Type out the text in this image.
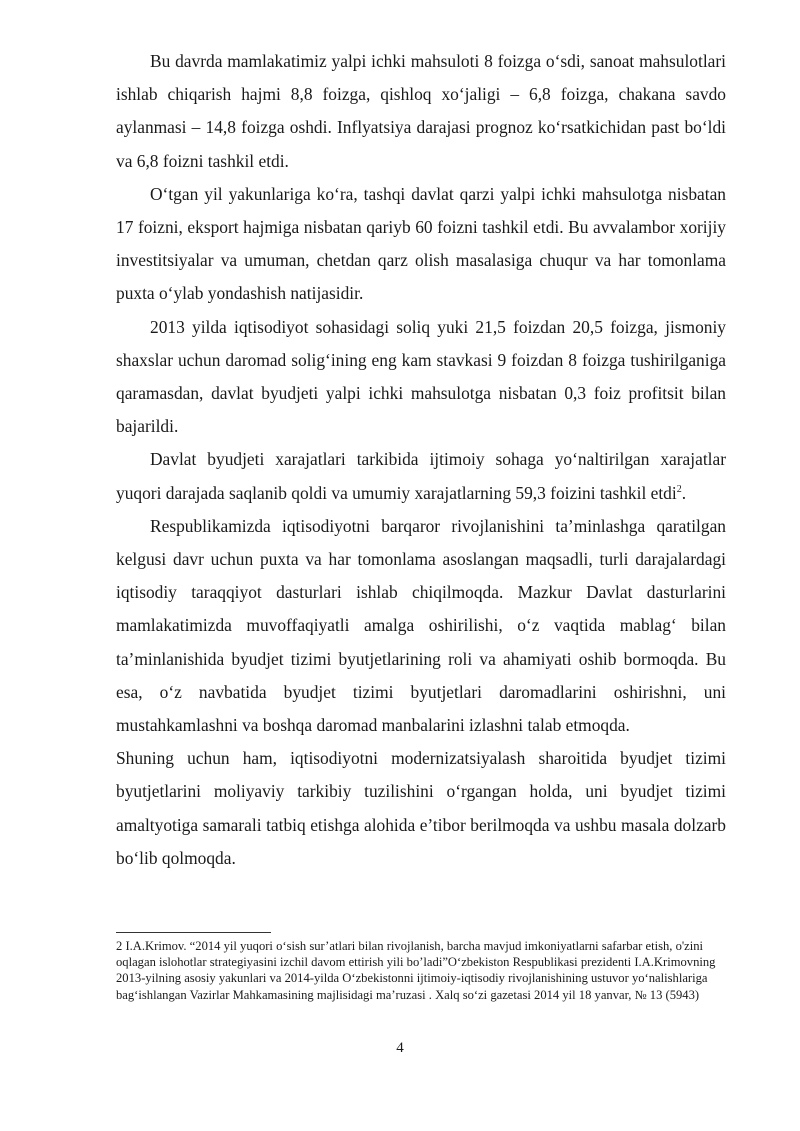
Bu davrda mamlakatimiz yalpi ichki mahsuloti 8 foizga o‘sdi, sanoat mahsulotlari ishlab chiqarish hajmi 8,8 foizga, qishloq xo‘jaligi – 6,8 foizga, chakana savdo aylanmasi – 14,8 foizga oshdi. Inflyatsiya darajasi prognoz ko‘rsatkichidan past bo‘ldi va 6,8 foizni tashkil etdi.

O‘tgan yil yakunlariga ko‘ra, tashqi davlat qarzi yalpi ichki mahsulotga nisbatan 17 foizni, eksport hajmiga nisbatan qariyb 60 foizni tashkil etdi. Bu avvalambor xorijiy investitsiyalar va umuman, chetdan qarz olish masalasiga chuqur va har tomonlama puxta o‘ylab yondashish natijasidir.

2013 yilda iqtisodiyot sohasidagi soliq yuki 21,5 foizdan 20,5 foizga, jismoniy shaxslar uchun daromad solig‘ining eng kam stavkasi 9 foizdan 8 foizga tushirilganiga qaramasdan, davlat byudjeti yalpi ichki mahsulotga nisbatan 0,3 foiz profitsit bilan bajarildi.

Davlat byudjeti xarajatlari tarkibida ijtimoiy sohaga yo‘naltirilgan xarajatlar yuqori darajada saqlanib qoldi va umumiy xarajatlarning 59,3 foizini tashkil etdi$^2$.

Respublikamizda iqtisodiyotni barqaror rivojlanishini ta’minlashga qaratilgan kelgusi davr uchun puxta va har tomonlama asoslangan maqsadli, turli darajalardagi iqtisodiy taraqqiyot dasturlari ishlab chiqilmoqda. Mazkur Davlat dasturlarini mamlakatimizda muvoffaqiyatli amalga oshirilishi, o‘z vaqtida mablag‘ bilan ta’minlanishida byudjet tizimi byutjetlarining roli va ahamiyati oshib bormoqda. Bu esa, o‘z navbatida byudjet tizimi byutjetlari daromadlarini oshirishni, uni mustahkamlashni va boshqa daromad manbalarini izlashni talab etmoqda.

Shuning uchun ham, iqtisodiyotni modernizatsiyalash sharoitida byudjet tizimi byutjetlarini moliyaviy tarkibiy tuzilishini o‘rgangan holda, uni byudjet tizimi amaltyotiga samarali tatbiq etishga alohida e’tibor berilmoqda va ushbu masala dolzarb bo‘lib qolmoqda.

2 I.A.Krimov. “2014 yil yuqori o‘sish sur’atlari bilan rivojlanish, barcha mavjud imkoniyatlarni safarbar etish, o'zini oqlagan islohotlar strategiyasini izchil davom ettirish yili bo’ladi”O‘zbekiston Respublikasi prezidenti I.A.Krimovning 2013-yilning asosiy yakunlari va 2014-yilda O‘zbekistonni ijtimoiy-iqtisodiy rivojlanishining ustuvor yo‘nalishlariga bag‘ishlangan Vazirlar Mahkamasining majlisidagi ma’ruzasi . Xalq so‘zi gazetasi 2014 yil 18 yanvar, № 13 (5943)

4
